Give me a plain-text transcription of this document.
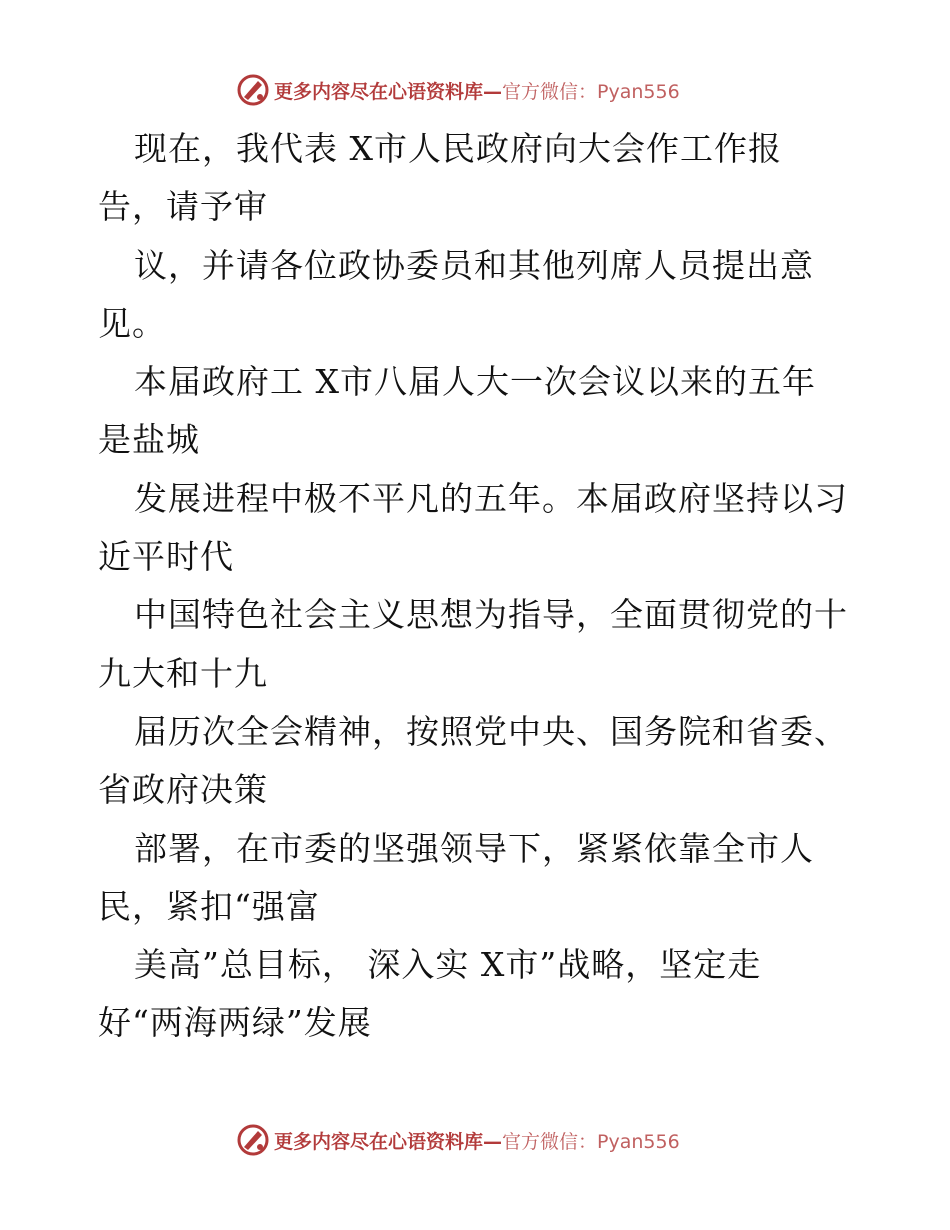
更多内容尽在心语资料库—官方微信：Pyan556
现在，我代表 X市人民政府向大会作工作报
告，请予审
议，并请各位政协委员和其他列席人员提出意
见。
本届政府工 X市八届人大一次会议以来的五年
是盐城
发展进程中极不平凡的五年。本届政府坚持以习
近平时代
中国特色社会主义思想为指导，全面贯彻党的十
九大和十九
届历次全会精神，按照党中央、国务院和省委、
省政府决策
部署，在市委的坚强领导下，紧紧依靠全市人
民，紧扣“强富
美高”总目标， 深入实 X市”战略，坚定走
好“两海两绿”发展
更多内容尽在心语资料库—官方微信：Pyan556
